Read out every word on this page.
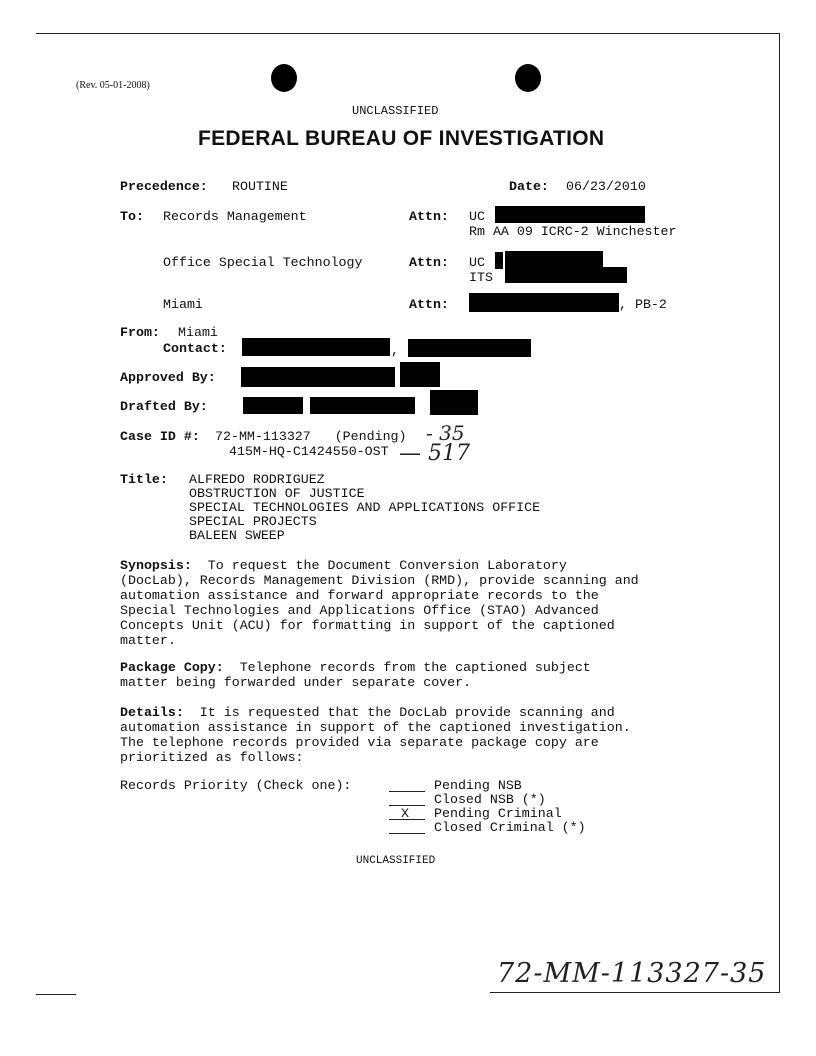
(Rev. 05-01-2008)
UNCLASSIFIED
FEDERAL BUREAU OF INVESTIGATION
Precedence: ROUTINE	Date: 06/23/2010
To: Records Management	Attn: UC
Rm AA 09 ICRC-2 Winchester
Office Special Technology	Attn: UC
ITS
Miami	Attn:	, PB-2
From: Miami
Contact:	,
Approved By:
Drafted By:
Case ID #: 72-MM-113327   (Pending) - 35
415M-HQ-C1424550-OST — 517
Title: ALFREDO RODRIGUEZ
OBSTRUCTION OF JUSTICE
SPECIAL TECHNOLOGIES AND APPLICATIONS OFFICE
SPECIAL PROJECTS
BALEEN SWEEP
Synopsis:  To request the Document Conversion Laboratory
(DocLab), Records Management Division (RMD), provide scanning and
automation assistance and forward appropriate records to the
Special Technologies and Applications Office (STAO) Advanced
Concepts Unit (ACU) for formatting in support of the captioned
matter.
Package Copy:  Telephone records from the captioned subject
matter being forwarded under separate cover.
Details:  It is requested that the DocLab provide scanning and
automation assistance in support of the captioned investigation.
The telephone records provided via separate package copy are
prioritized as follows:
Records Priority (Check one):	Pending NSB
Closed NSB (*)
X Pending Criminal
Closed Criminal (*)
UNCLASSIFIED
72-MM-113327-35
